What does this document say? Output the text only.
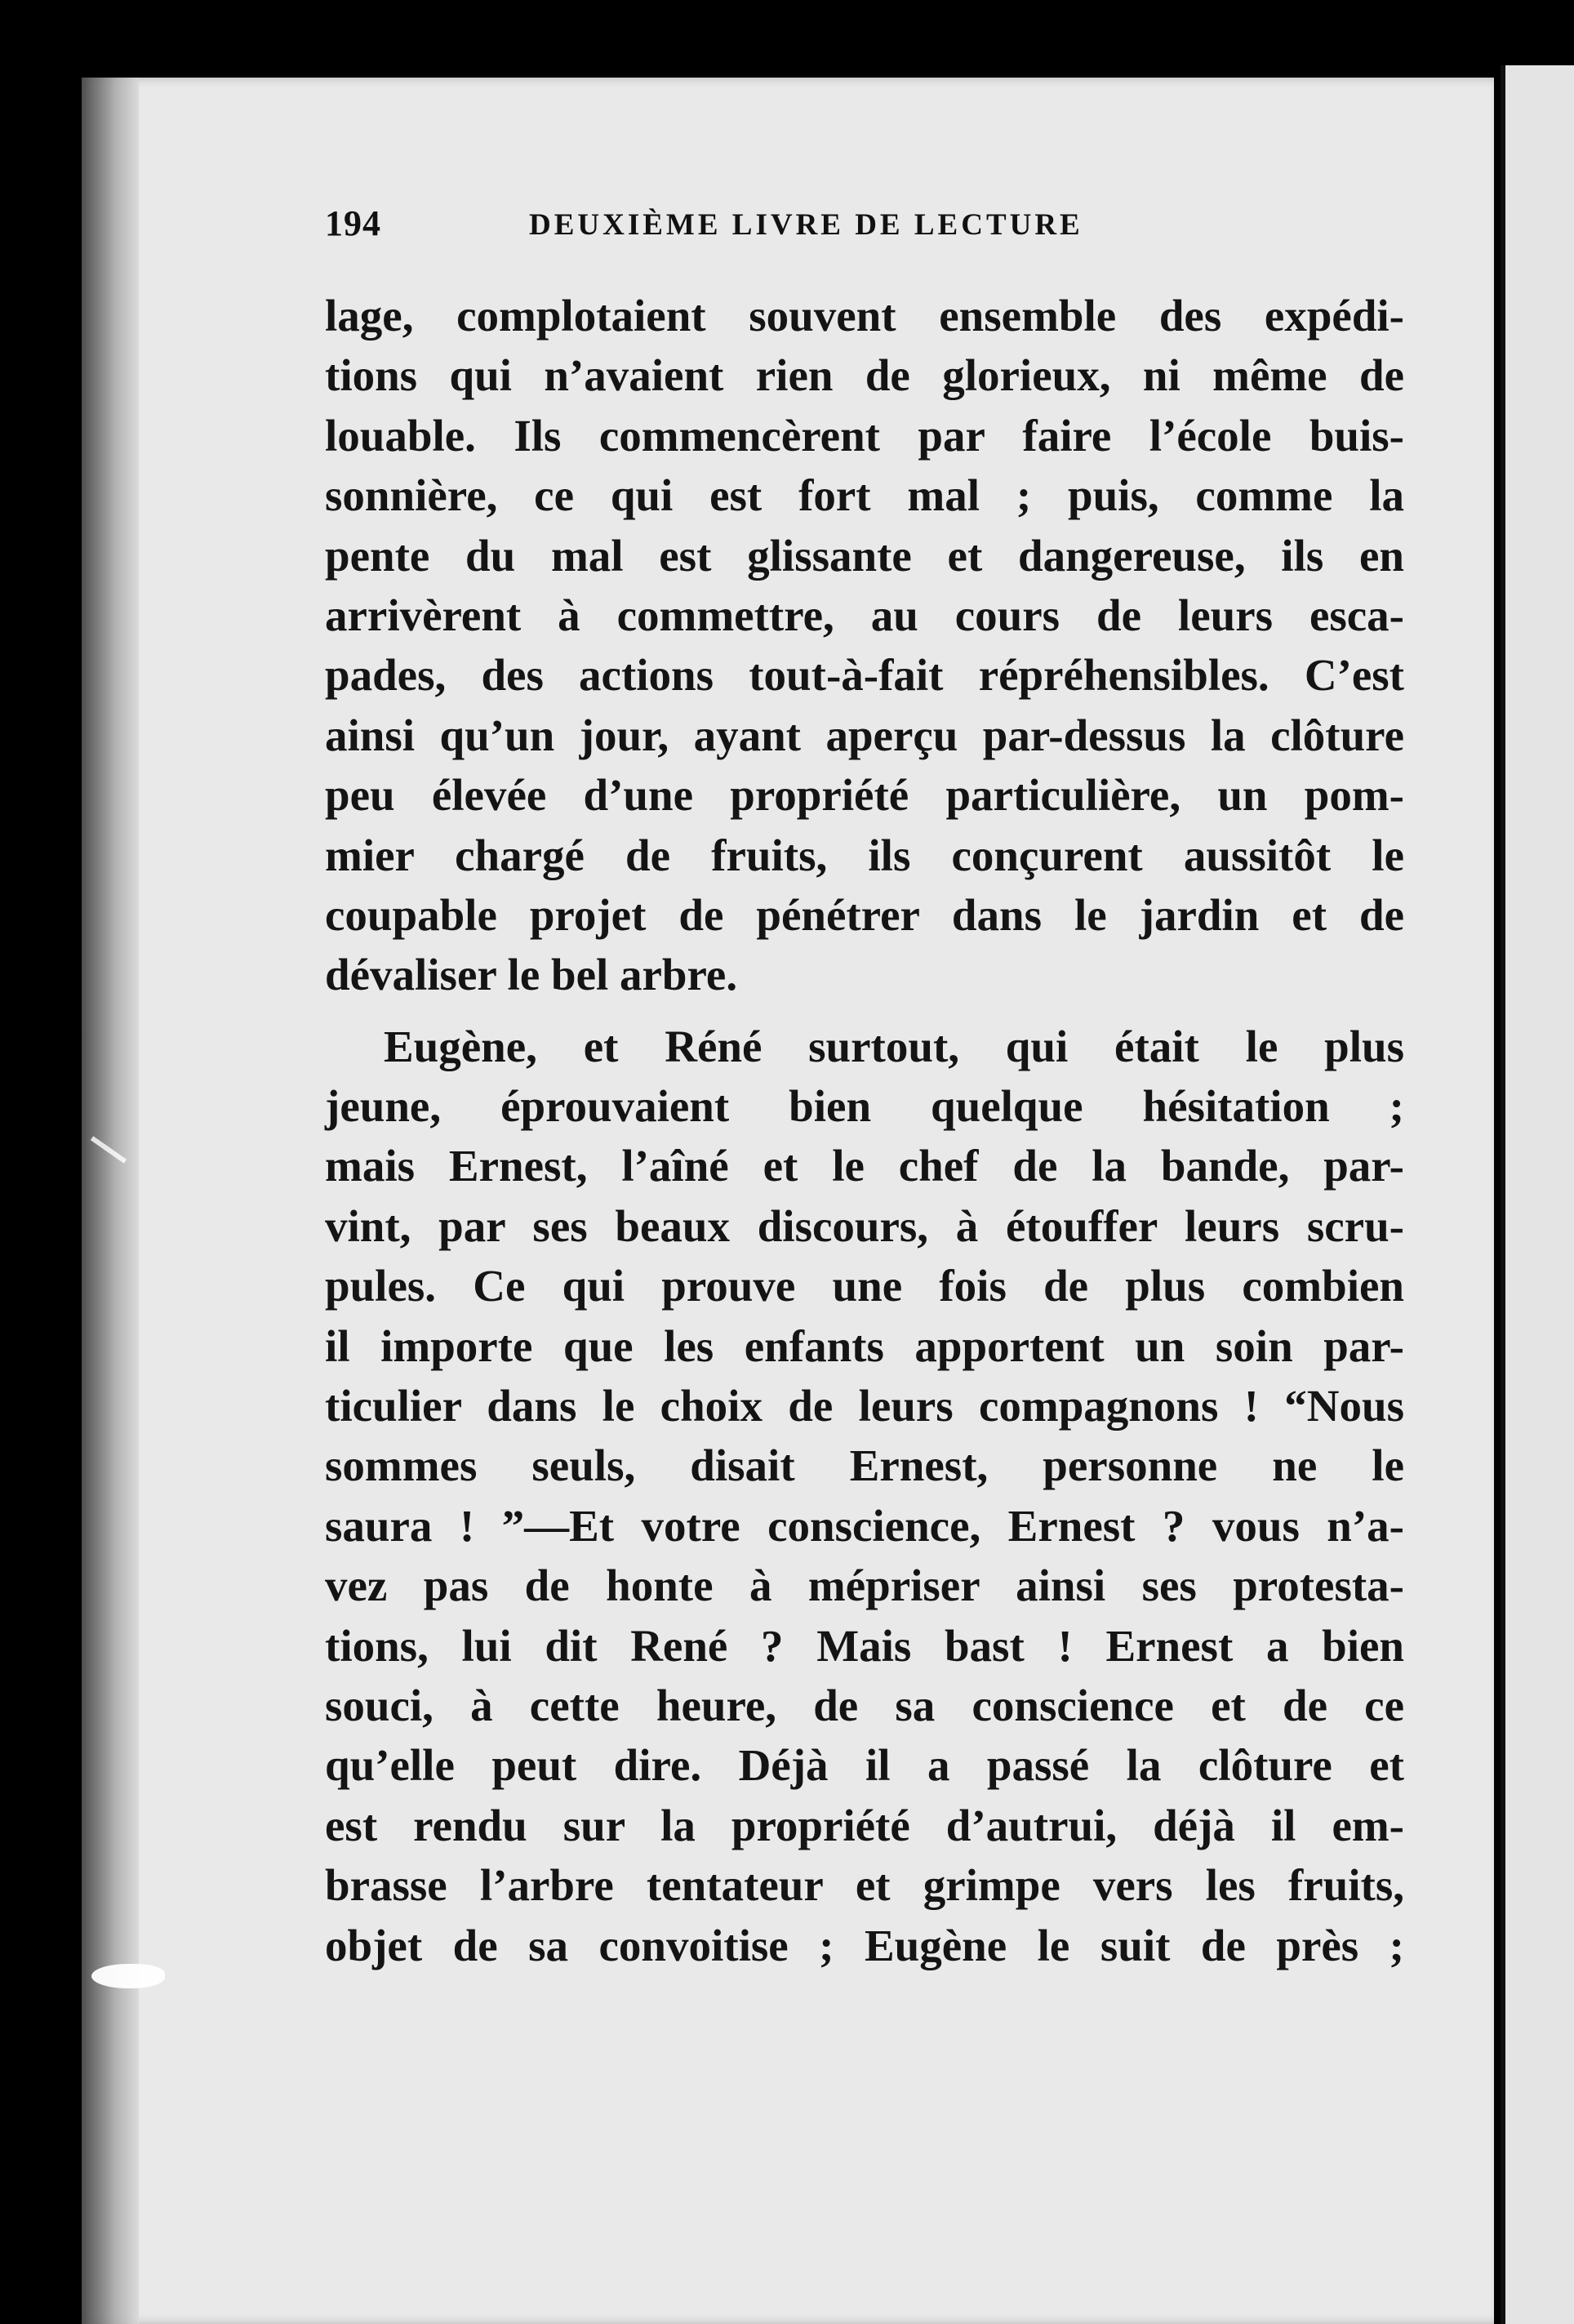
194	DEUXIÈME LIVRE DE LECTURE
lage, complotaient souvent ensemble des expédi-
tions qui n’avaient rien de glorieux, ni même de
louable. Ils commencèrent par faire l’école buis-
sonnière, ce qui est fort mal ; puis, comme la
pente du mal est glissante et dangereuse, ils en
arrivèrent à commettre, au cours de leurs esca-
pades, des actions tout-à-fait répréhensibles. C’est
ainsi qu’un jour, ayant aperçu par-dessus la clôture
peu élevée d’une propriété particulière, un pom-
mier chargé de fruits, ils conçurent aussitôt le
coupable projet de pénétrer dans le jardin et de
dévaliser le bel arbre.
Eugène, et Réné surtout, qui était le plus
jeune, éprouvaient bien quelque hésitation ;
mais Ernest, l’aîné et le chef de la bande, par-
vint, par ses beaux discours, à étouffer leurs scru-
pules. Ce qui prouve une fois de plus combien
il importe que les enfants apportent un soin par-
ticulier dans le choix de leurs compagnons ! “Nous
sommes seuls, disait Ernest, personne ne le
saura ! ”—Et votre conscience, Ernest ? vous n’a-
vez pas de honte à mépriser ainsi ses protesta-
tions, lui dit René ? Mais bast ! Ernest a bien
souci, à cette heure, de sa conscience et de ce
qu’elle peut dire. Déjà il a passé la clôture et
est rendu sur la propriété d’autrui, déjà il em-
brasse l’arbre tentateur et grimpe vers les fruits,
objet de sa convoitise ; Eugène le suit de près ;
